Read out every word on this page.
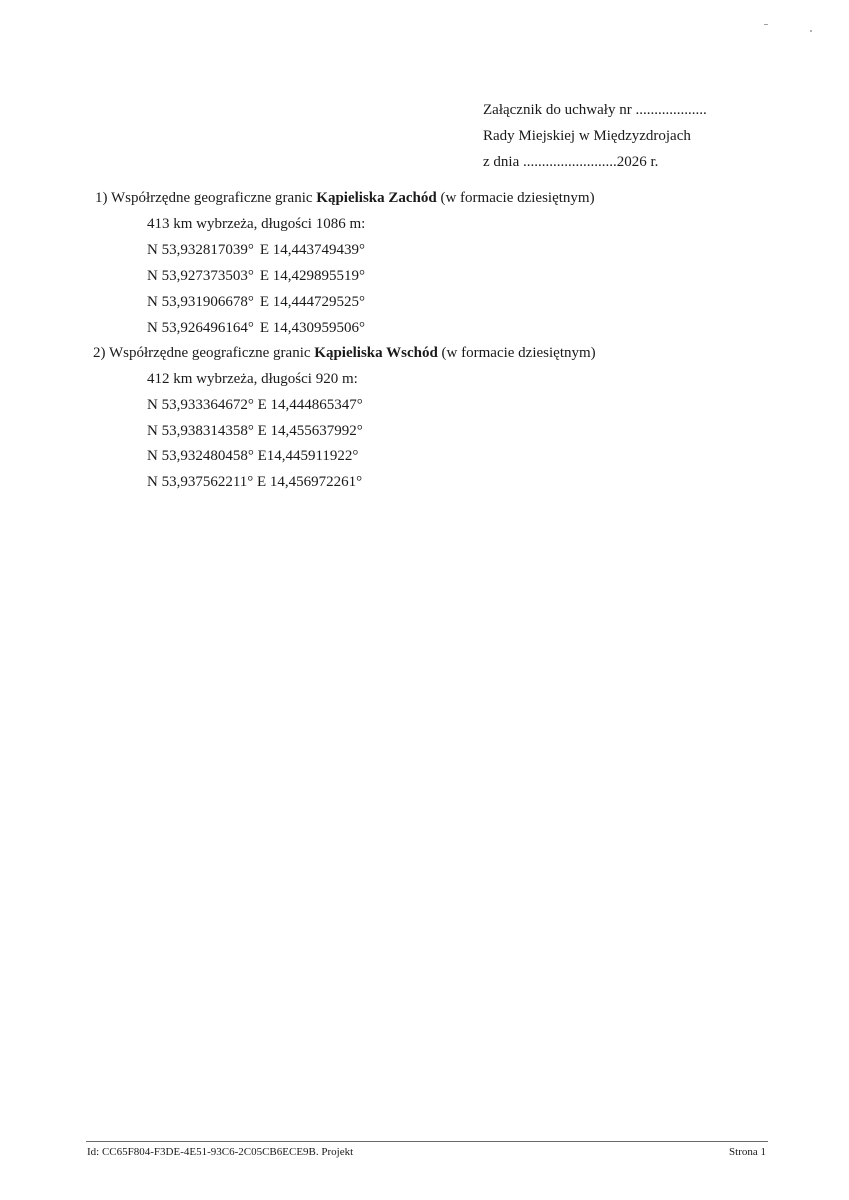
Załącznik do uchwały nr ...................
Rady Miejskiej w Międzyzdrojach
z dnia .........................2026 r.
1) Współrzędne geograficzne granic Kąpieliska Zachód (w formacie dziesiętnym)
413 km wybrzeża, długości 1086 m:
N 53,932817039° E 14,443749439°
N 53,927373503° E 14,429895519°
N 53,931906678° E 14,444729525°
N 53,926496164° E 14,430959506°
2) Współrzędne geograficzne granic Kąpieliska Wschód (w formacie dziesiętnym)
412 km wybrzeża, długości 920 m:
N 53,933364672° E 14,444865347°
N 53,938314358° E 14,455637992°
N 53,932480458° E14,445911922°
N 53,937562211° E 14,456972261°
Id: CC65F804-F3DE-4E51-93C6-2C05CB6ECE9B. Projekt	Strona 1
